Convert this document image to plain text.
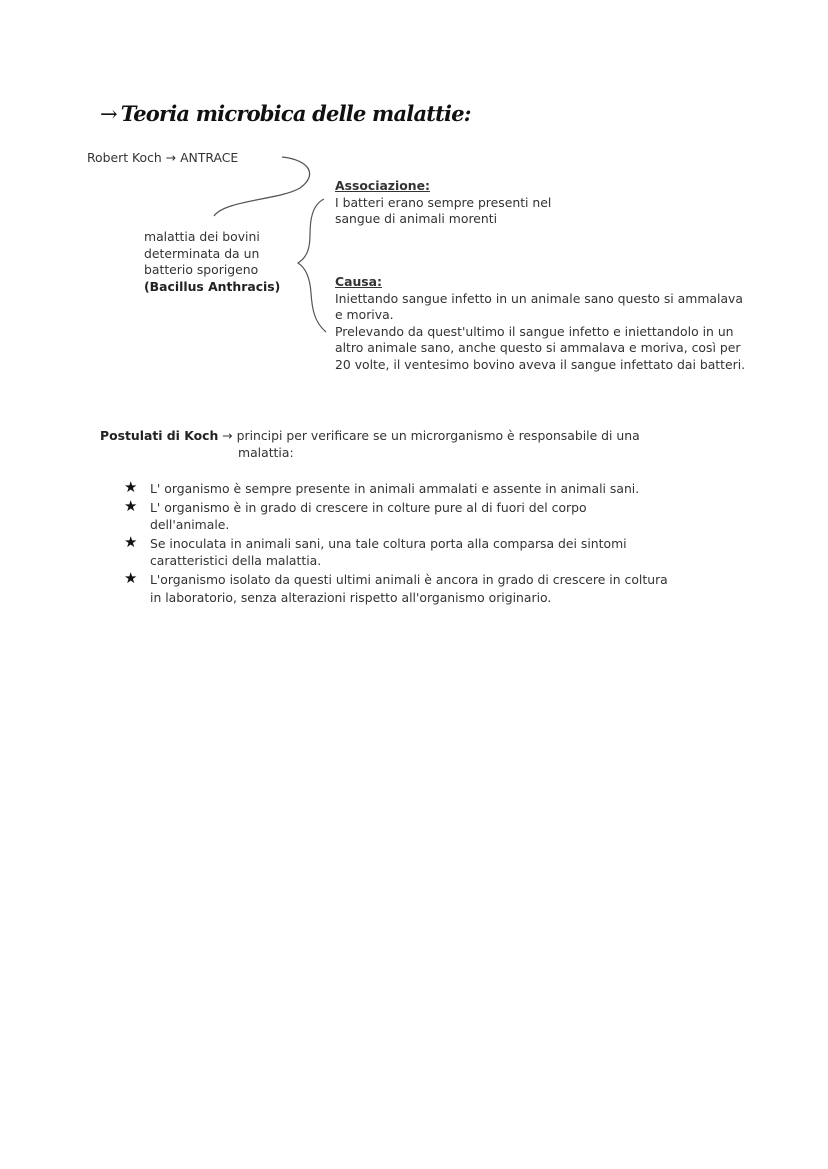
→ Teoria microbica delle malattie:
Robert Koch → ANTRACE
malattia dei bovini
determinata da un
batterio sporigeno
(Bacillus Anthracis)
Associazione:
I batteri erano sempre presenti nel
sangue di animali morenti
Causa:
Iniettando sangue infetto in un animale sano questo si ammalava
e moriva.
Prelevando da quest'ultimo il sangue infetto e iniettandolo in un
altro animale sano, anche questo si ammalava e moriva, così per
20 volte, il ventesimo bovino aveva il sangue infettato dai batteri.
Postulati di Koch → principi per verificare se un microrganismo è responsabile di una
malattia:
★ L' organismo è sempre presente in animali ammalati e assente in animali sani.
★ L' organismo è in grado di crescere in colture pure al di fuori del corpo
dell'animale.
★ Se inoculata in animali sani, una tale coltura porta alla comparsa dei sintomi
caratteristici della malattia.
★ L'organismo isolato da questi ultimi animali è ancora in grado di crescere in coltura
in laboratorio, senza alterazioni rispetto all'organismo originario.
